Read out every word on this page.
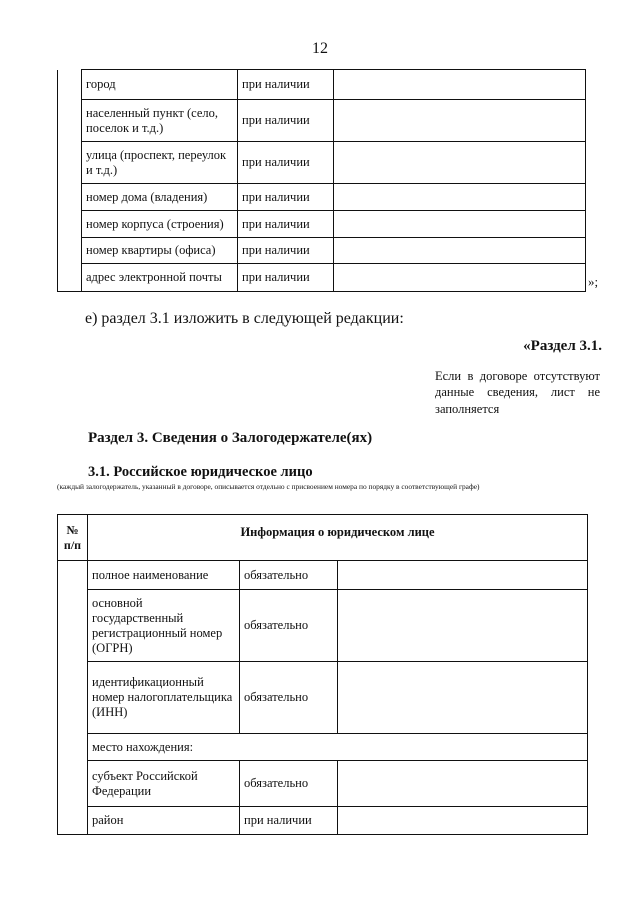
12
	город	при наличии	
	населенный пункт (село, поселок и т.д.)	при наличии	
	улица (проспект, переулок и т.д.)	при наличии	
	номер дома (владения)	при наличии	
	номер корпуса (строения)	при наличии	
	номер квартиры (офиса)	при наличии	
	адрес электронной почты	при наличии		»;
е) раздел 3.1 изложить в следующей редакции:
«Раздел 3.1.
Если в договоре отсутствуют данные сведения, лист не заполняется
Раздел 3. Сведения о Залогодержателе(ях)
3.1. Российское юридическое лицо
(каждый залогодержатель, указанный в договоре, описывается отдельно с присвоением номера по порядку в соответствующей графе)
№ п/п	Информация о юридическом лице		
	полное наименование	обязательно	
	основной государственный регистрационный номер (ОГРН)	обязательно	
	идентификационный номер налогоплательщика (ИНН)	обязательно	
	место нахождения:		
	субъект Российской Федерации	обязательно	
	район	при наличии	
